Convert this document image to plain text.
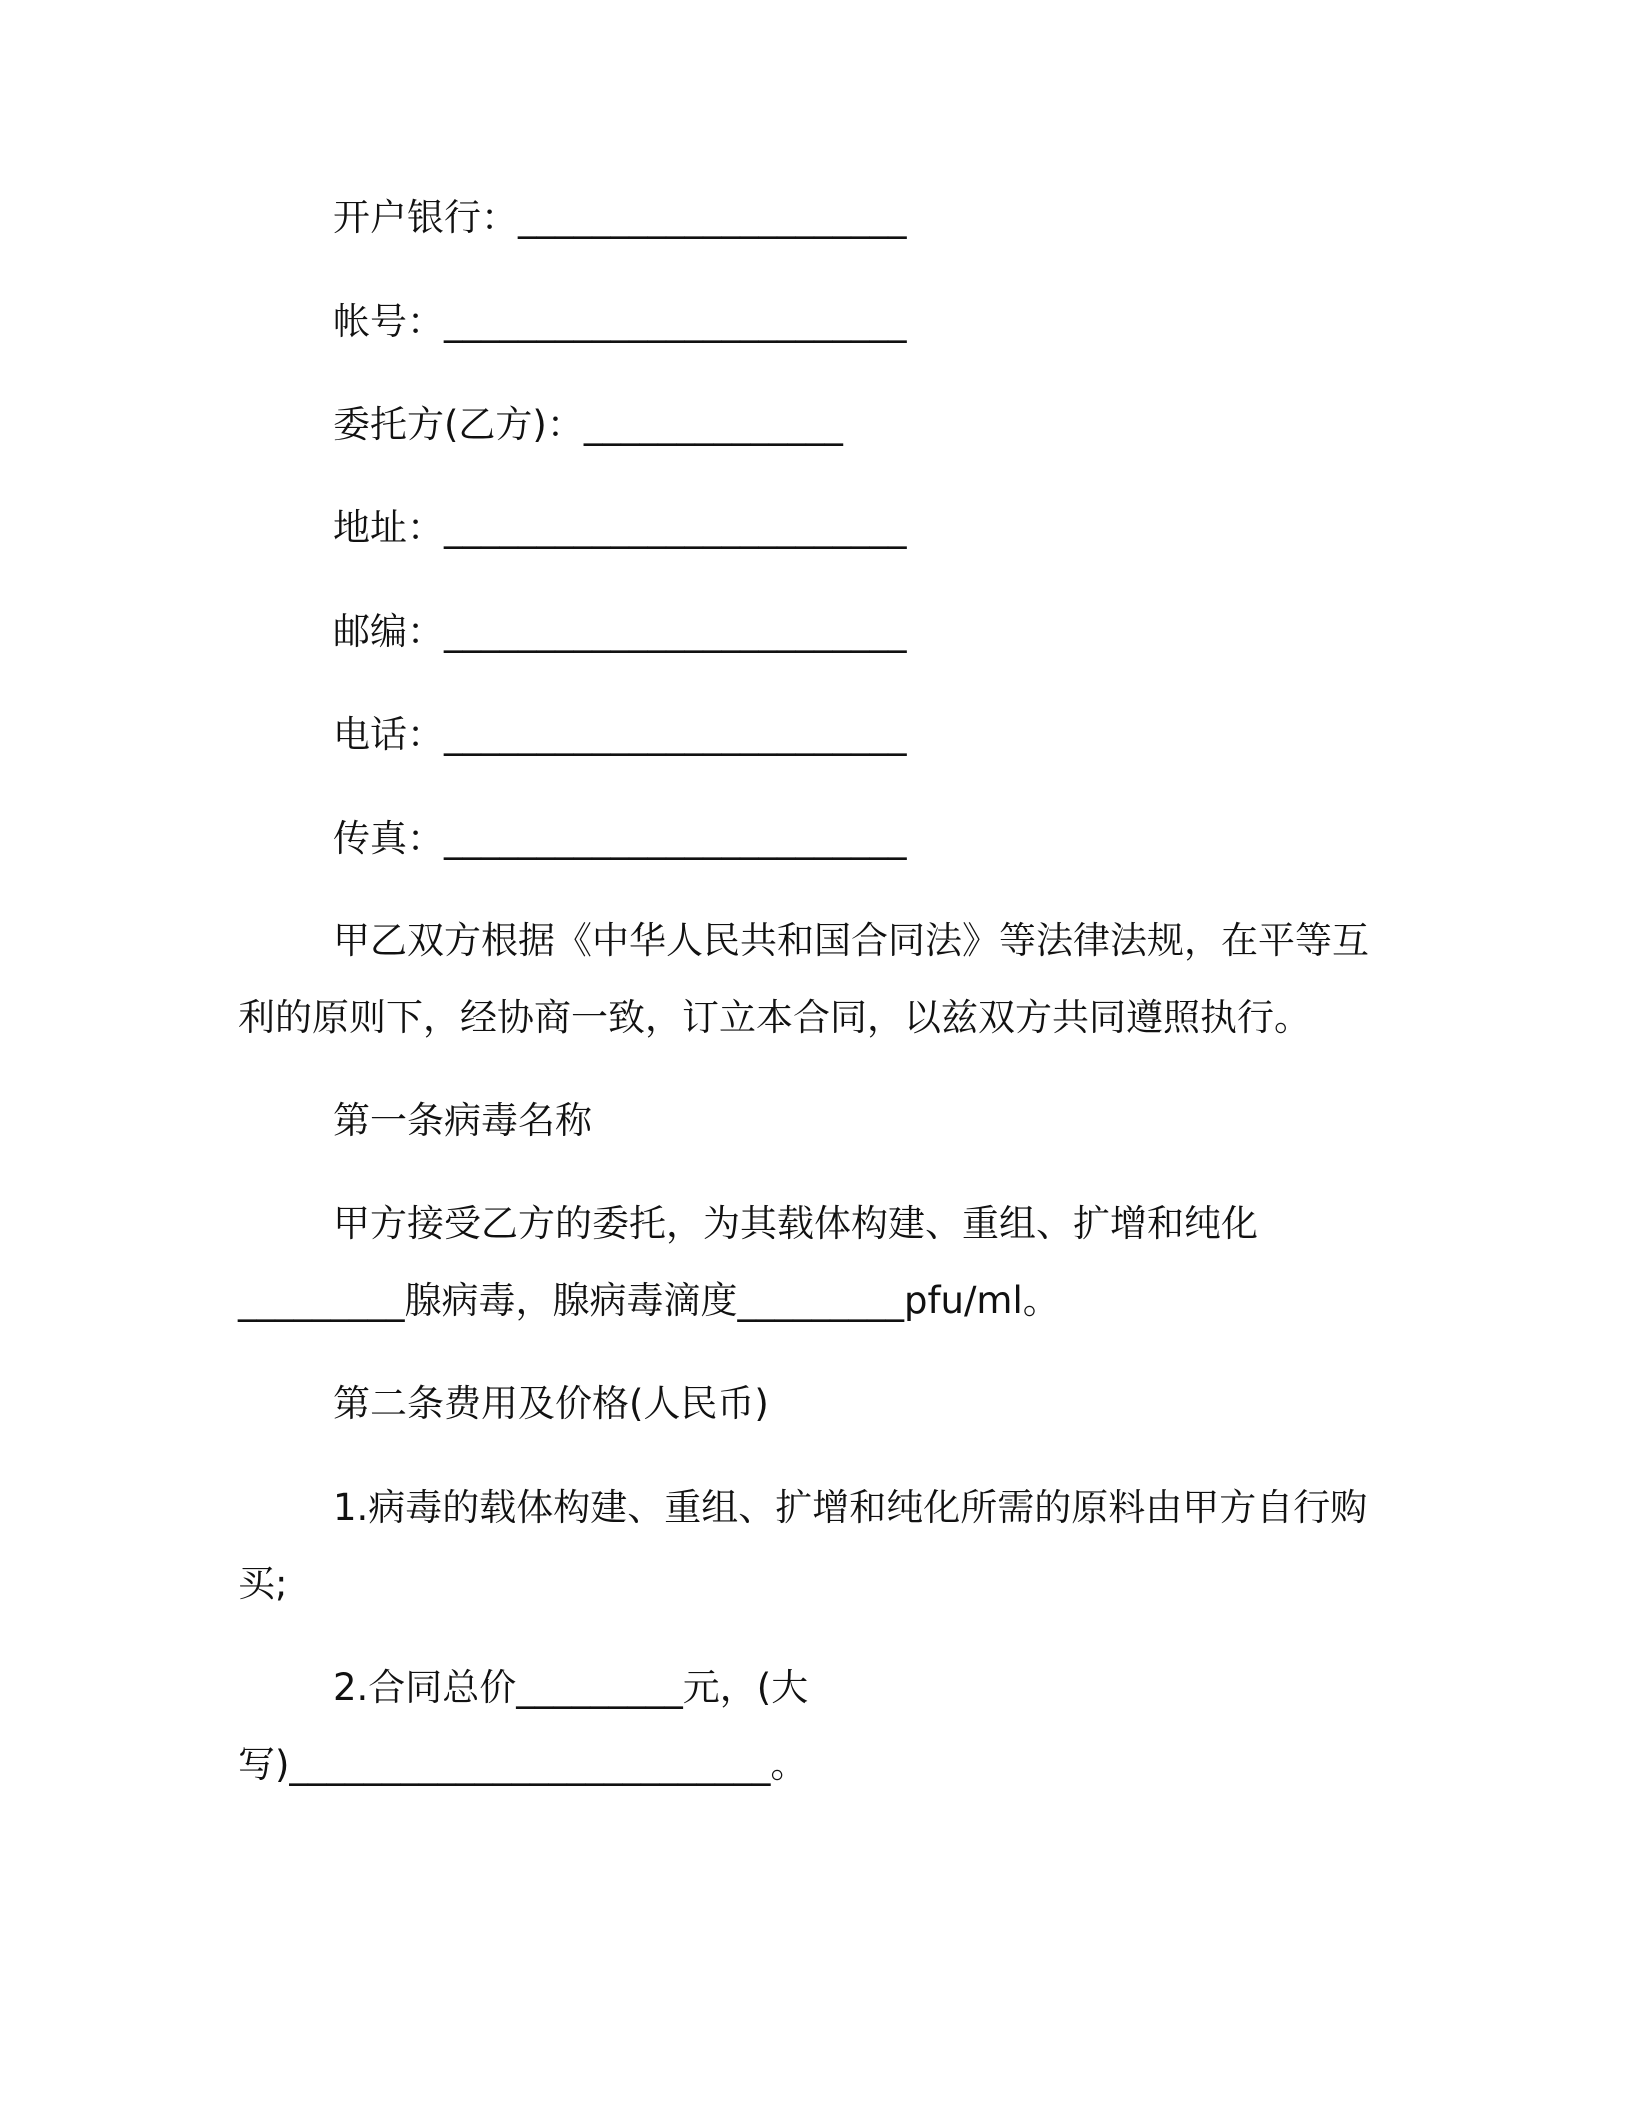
开户银行：_____________________
帐号：_________________________
委托方(乙方)：______________
地址：_________________________
邮编：_________________________
电话：_________________________
传真：_________________________
甲乙双方根据《中华人民共和国合同法》等法律法规，在平等互
利的原则下，经协商一致，订立本合同，以兹双方共同遵照执行。
第一条病毒名称
甲方接受乙方的委托，为其载体构建、重组、扩增和纯化
_________腺病毒，腺病毒滴度_________pfu/ml。
第二条费用及价格(人民币)
1.病毒的载体构建、重组、扩增和纯化所需的原料由甲方自行购
买;
2.合同总价_________元，(大
写)__________________________。
